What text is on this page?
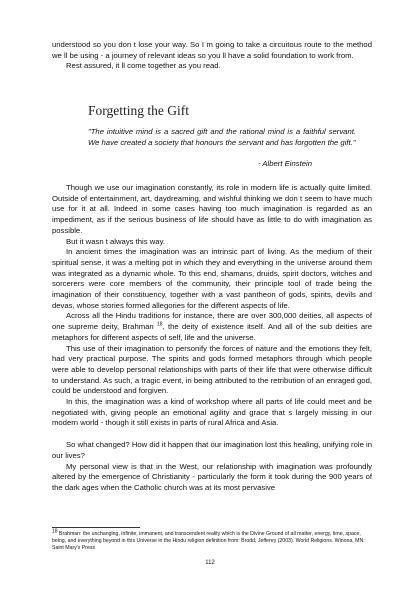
understood so you don t lose your way. So I m going to take a circuitous route to the method we ll be using - a journey of relevant ideas so you ll have a solid foundation to work from.

Rest assured, it ll come together as you read.

Forgetting the Gift

"The intuitive mind is a sacred gift and the rational mind is a faithful servant. We have created a society that honours the servant and has forgotten the gift."

- Albert Einstein

Though we use our imagination constantly, its role in modern life is actually quite limited. Outside of entertainment, art, daydreaming, and wishful thinking we don t seem to have much use for it at all. Indeed in some cases having too much imagination is regarded as an impediment, as if the serious business of life should have as little to do with imagination as possible.

But it wasn t always this way.

In ancient times the imagination was an intrinsic part of living. As the medium of their spiritual sense, it was a melting pot in which they and everything in the universe around them was integrated as a dynamic whole. To this end, shamans, druids, spirit doctors, witches and sorcerers were core members of the community, their principle tool of trade being the imagination of their constituency, together with a vast pantheon of gods, spirits, devils and devas, whose stories formed allegories for the different aspects of life.

Across all the Hindu traditions for instance, there are over 300,000 deities, all aspects of one supreme deity, Brahman $^{18}$, the deity of existence itself. And all of the sub deities are metaphors for different aspects of self, life and the universe.

This use of their imagination to personify the forces of nature and the emotions they felt, had very practical purpose. The spirits and gods formed metaphors through which people were able to develop personal relationships with parts of their life that were otherwise difficult to understand. As such, a tragic event, in being attributed to the retribution of an enraged god, could be understood and forgiven.

In this, the imagination was a kind of workshop where all parts of life could meet and be negotiated with, giving people an emotional agility and grace that s largely missing in our modern world - though it still exists in parts of rural Africa and Asia.

So what changed? How did it happen that our imagination lost this healing, unifying role in our lives?

My personal view is that in the West, our relationship with imagination was profoundly altered by the emergence of Christianity - particularly the form it took during the 900 years of the dark ages when the Catholic church was at its most pervasive

$^{18}$ Brahman: the unchanging, infinite, immanent, and transcendent reality which is the Divine Ground of all matter, energy, time, space, being, and everything beyond in this Universe in the Hindu religion definition from: Brodd, Jefferey (2003). World Religions. Winona, MN: Saint Mary's Press

112
